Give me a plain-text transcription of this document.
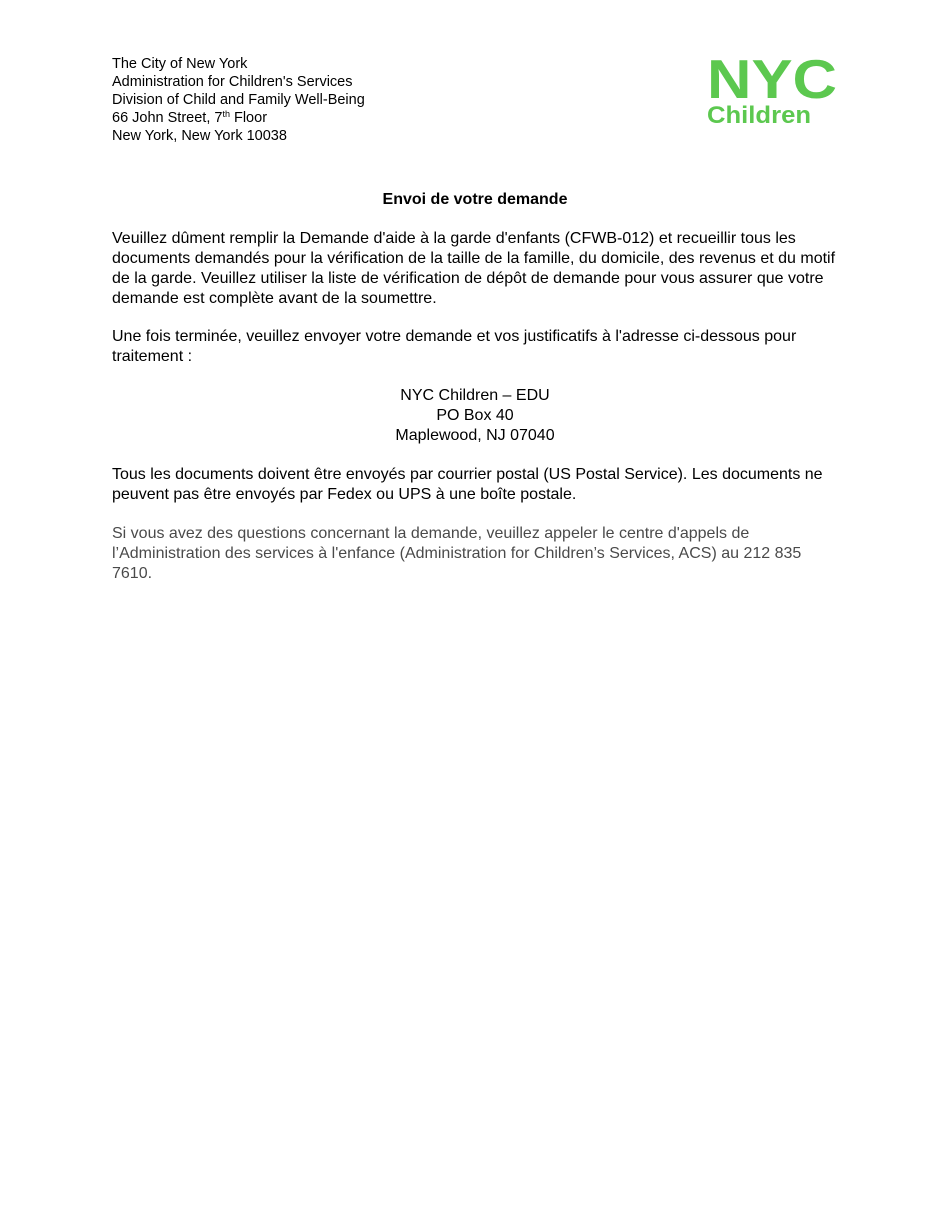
The City of New York
Administration for Children's Services
Division of Child and Family Well-Being
66 John Street, 7th Floor
New York, New York 10038
NYC
Children
Envoi de votre demande
Veuillez dûment remplir la Demande d'aide à la garde d'enfants (CFWB-012) et recueillir tous les documents demandés pour la vérification de la taille de la famille, du domicile, des revenus et du motif de la garde. Veuillez utiliser la liste de vérification de dépôt de demande pour vous assurer que votre demande est complète avant de la soumettre.
Une fois terminée, veuillez envoyer votre demande et vos justificatifs à l'adresse ci-dessous pour traitement :
NYC Children – EDU
PO Box 40
Maplewood, NJ 07040
Tous les documents doivent être envoyés par courrier postal (US Postal Service). Les documents ne peuvent pas être envoyés par Fedex ou UPS à une boîte postale.
Si vous avez des questions concernant la demande, veuillez appeler le centre d'appels de l’Administration des services à l'enfance (Administration for Children’s Services, ACS) au 212 835 7610.
